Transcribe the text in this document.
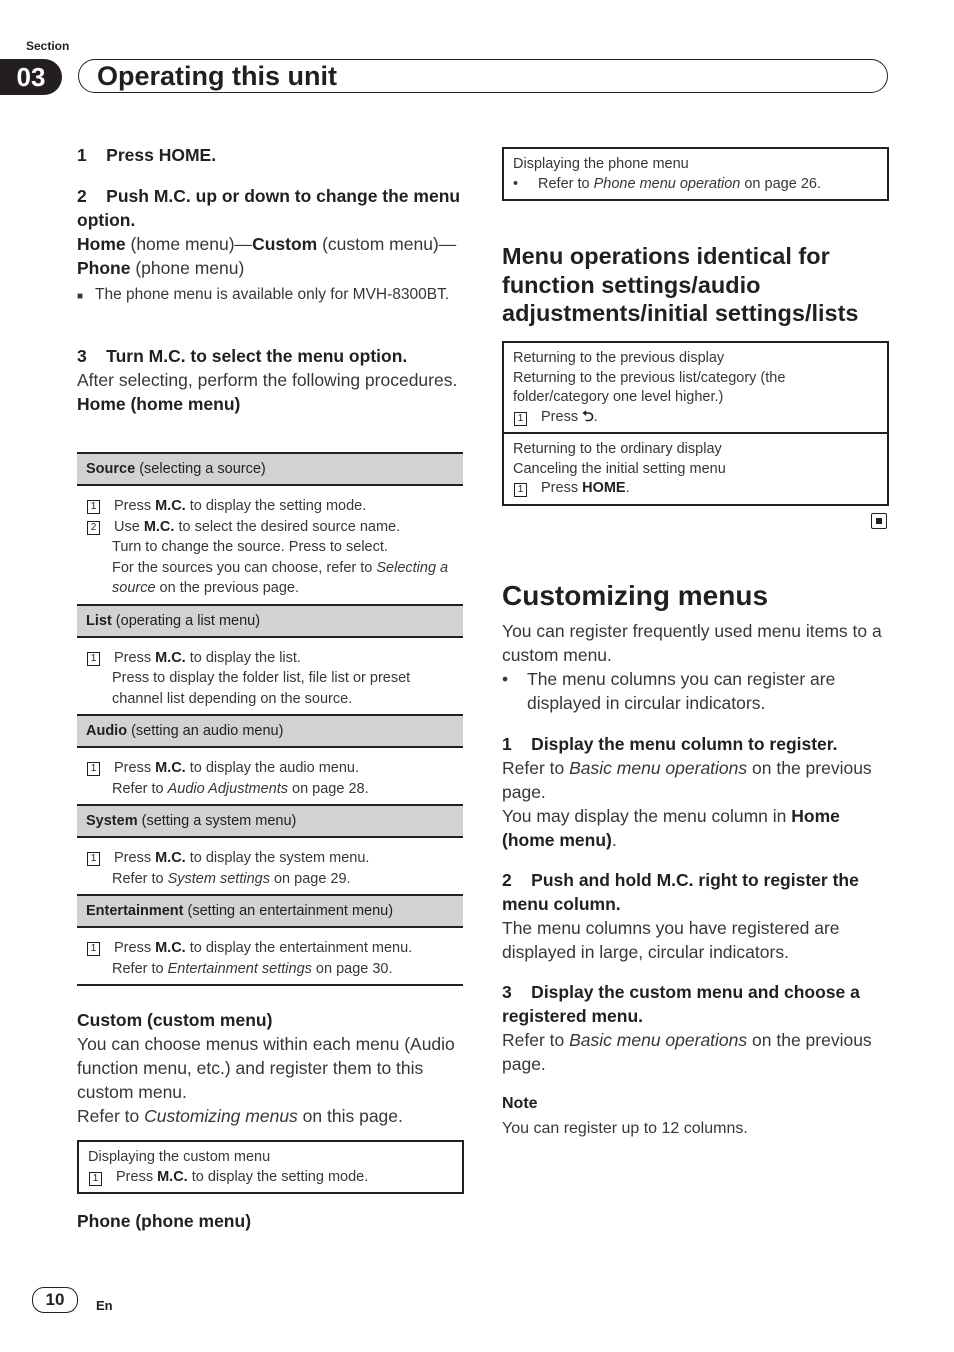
Section
03	Operating this unit
1    Press HOME.
2    Push M.C. up or down to change the menu option.
Home (home menu)—Custom (custom menu)—Phone (phone menu)
■ The phone menu is available only for MVH-8300BT.
3    Turn M.C. to select the menu option.
After selecting, perform the following procedures.
Home (home menu)
Source (selecting a source)
1 Press M.C. to display the setting mode.
2 Use M.C. to select the desired source name.
Turn to change the source. Press to select.
For the sources you can choose, refer to Selecting a source on the previous page.
List (operating a list menu)
1 Press M.C. to display the list.
Press to display the folder list, file list or preset channel list depending on the source.
Audio (setting an audio menu)
1 Press M.C. to display the audio menu.
Refer to Audio Adjustments on page 28.
System (setting a system menu)
1 Press M.C. to display the system menu.
Refer to System settings on page 29.
Entertainment (setting an entertainment menu)
1 Press M.C. to display the entertainment menu.
Refer to Entertainment settings on page 30.
Custom (custom menu)
You can choose menus within each menu (Audio function menu, etc.) and register them to this custom menu.
Refer to Customizing menus on this page.
Displaying the custom menu
1 Press M.C. to display the setting mode.
Phone (phone menu)
Displaying the phone menu
•	Refer to Phone menu operation on page 26.
Menu operations identical for function settings/audio adjustments/initial settings/lists
Returning to the previous display
Returning to the previous list/category (the folder/category one level higher.)
1 Press ⮌.
Returning to the ordinary display
Canceling the initial setting menu
1 Press HOME.
Customizing menus
You can register frequently used menu items to a custom menu.
•	The menu columns you can register are displayed in circular indicators.
1    Display the menu column to register.
Refer to Basic menu operations on the previous page.
You may display the menu column in Home (home menu).
2    Push and hold M.C. right to register the menu column.
The menu columns you have registered are displayed in large, circular indicators.
3    Display the custom menu and choose a registered menu.
Refer to Basic menu operations on the previous page.
Note
You can register up to 12 columns.
10	En
